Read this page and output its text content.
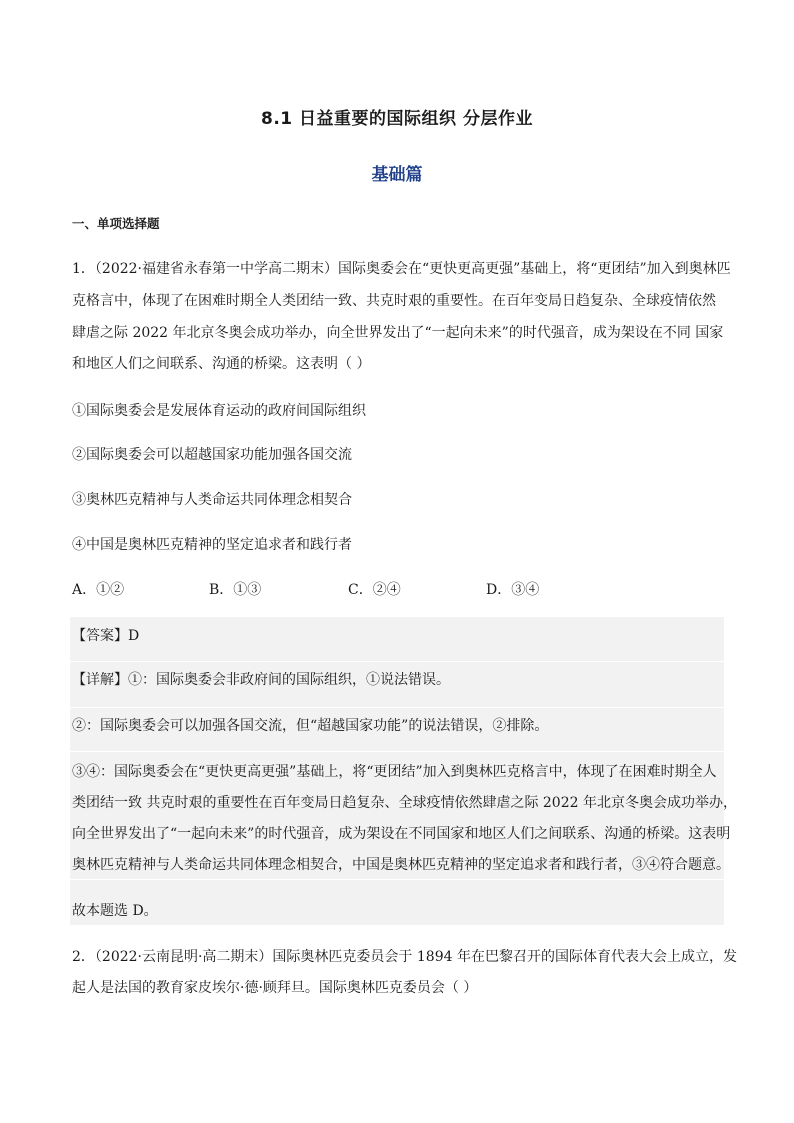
8.1 日益重要的国际组织 分层作业
基础篇
一、单项选择题
1．（2022·福建省永春第一中学高二期末）国际奥委会在“更快更高更强”基础上，将“更团结”加入到奥林匹
克格言中，体现了在困难时期全人类团结一致、共克时艰的重要性。在百年变局日趋复杂、全球疫情依然
肆虐之际 2022 年北京冬奥会成功举办，向全世界发出了“一起向未来”的时代强音，成为架设在不同 国家
和地区人们之间联系、沟通的桥梁。这表明（ ）
①国际奥委会是发展体育运动的政府间国际组织
②国际奥委会可以超越国家功能加强各国交流
③奥林匹克精神与人类命运共同体理念相契合
④中国是奥林匹克精神的坚定追求者和践行者
A．①②	B．①③	C．②④	D．③④
【答案】D
【详解】①：国际奥委会非政府间的国际组织，①说法错误。
②：国际奥委会可以加强各国交流，但“超越国家功能”的说法错误，②排除。
③④：国际奥委会在“更快更高更强”基础上，将“更团结”加入到奥林匹克格言中，体现了在困难时期全人
类团结一致 共克时艰的重要性在百年变局日趋复杂、全球疫情依然肆虐之际 2022 年北京冬奥会成功举办，
向全世界发出了“一起向未来”的时代强音，成为架设在不同国家和地区人们之间联系、沟通的桥梁。这表明
奥林匹克精神与人类命运共同体理念相契合，中国是奥林匹克精神的坚定追求者和践行者，③④符合题意。
故本题选 D。
2．（2022·云南昆明·高二期末）国际奥林匹克委员会于 1894 年在巴黎召开的国际体育代表大会上成立，发
起人是法国的教育家皮埃尔·德·顾拜旦。国际奥林匹克委员会（ ）
